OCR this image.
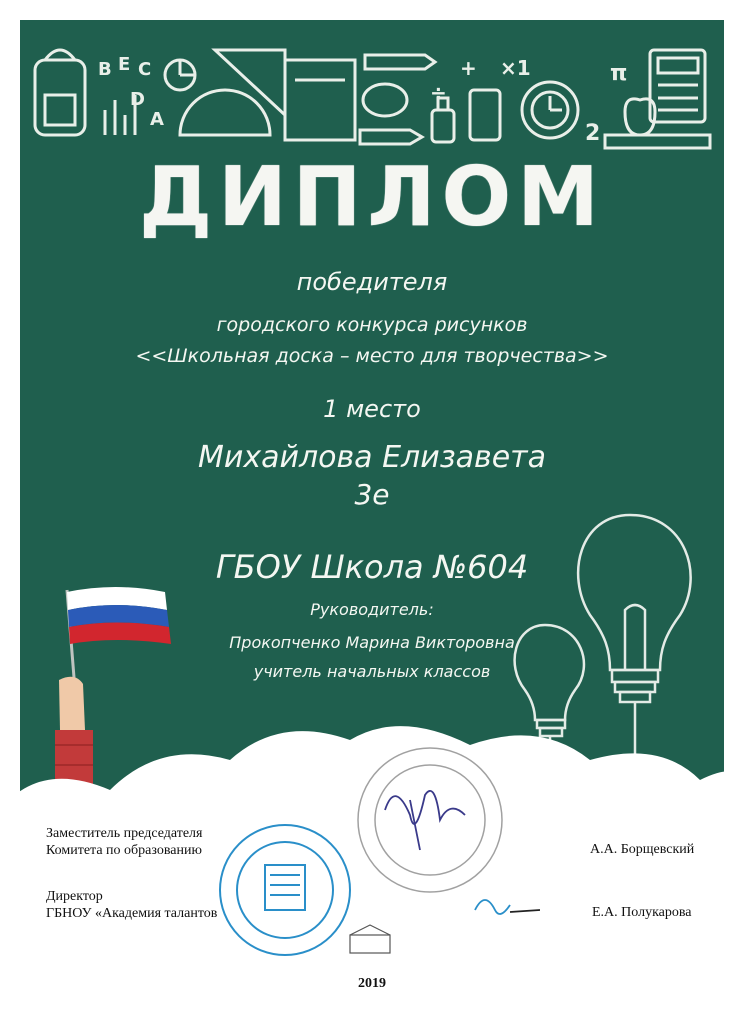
B E C
D
A
÷
+ ×1
2
π
ДИПЛОМ
победителя
городского конкурса рисунков
<<Школьная доска – место для творчества>>
1 место
Михайлова Елизавета
3е
ГБОУ Школа №604
Руководитель:
Прокопченко Марина Викторовна
учитель начальных классов
Заместитель председателя
Комитета по образованию	А.А. Борщевский
Директор
ГБНОУ «Академия талантов	Е.А. Полукарова
2019
